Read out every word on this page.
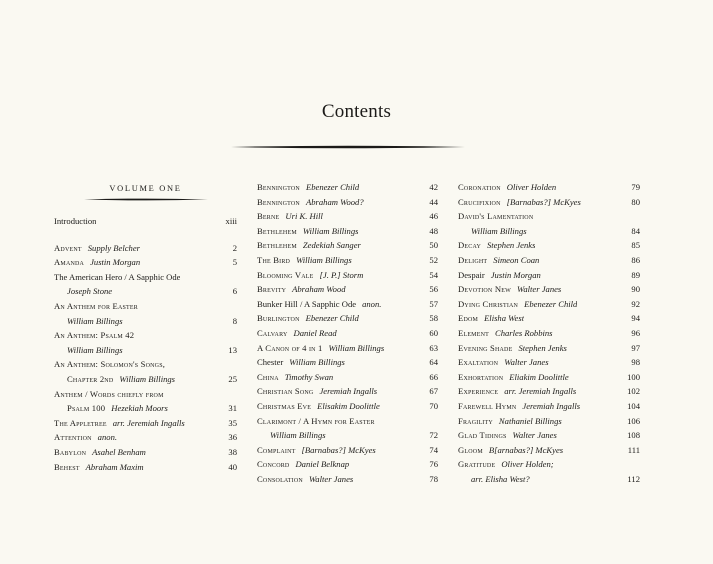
Contents
VOLUME ONE
Introduction	xiii
Advent Supply Belcher	2
Amanda Justin Morgan	5
The American Hero / A Sapphic Ode
Joseph Stone	6
An Anthem for Easter
William Billings	8
An Anthem: Psalm 42
William Billings	13
An Anthem: Solomon's Songs,
Chapter 2nd William Billings	25
Anthem / Words chiefly from
Psalm 100 Hezekiah Moors	31
The Appletree arr. Jeremiah Ingalls	35
Attention anon.	36
Babylon Asahel Benham	38
Behest Abraham Maxim	40
Bennington Ebenezer Child	42
Bennington Abraham Wood?	44
Berne Uri K. Hill	46
Bethlehem William Billings	48
Bethlehem Zedekiah Sanger	50
The Bird William Billings	52
Blooming Vale [J. P.] Storm	54
Brevity Abraham Wood	56
Bunker Hill / A Sapphic Ode anon.	57
Burlington Ebenezer Child	58
Calvary Daniel Read	60
A Canon of 4 in 1 William Billings	63
Chester William Billings	64
China Timothy Swan	66
Christian Song Jeremiah Ingalls	67
Christmas Eve Elisakim Doolittle	70
Clarimont / A Hymn for Easter
William Billings	72
Complaint [Barnabas?] McKyes	74
Concord Daniel Belknap	76
Consolation Walter Janes	78
Coronation Oliver Holden	79
Crucifixion [Barnabas?] McKyes	80
David's Lamentation
William Billings	84
Decay Stephen Jenks	85
Delight Simeon Coan	86
Despair Justin Morgan	89
Devotion New Walter Janes	90
Dying Christian Ebenezer Child	92
Edom Elisha West	94
Element Charles Robbins	96
Evening Shade Stephen Jenks	97
Exaltation Walter Janes	98
Exhortation Eliakim Doolittle	100
Experience arr. Jeremiah Ingalls	102
Farewell Hymn Jeremiah Ingalls	104
Fragility Nathaniel Billings	106
Glad Tidings Walter Janes	108
Gloom B[arnabas?] McKyes	111
Gratitude Oliver Holden;
arr. Elisha West?	112
